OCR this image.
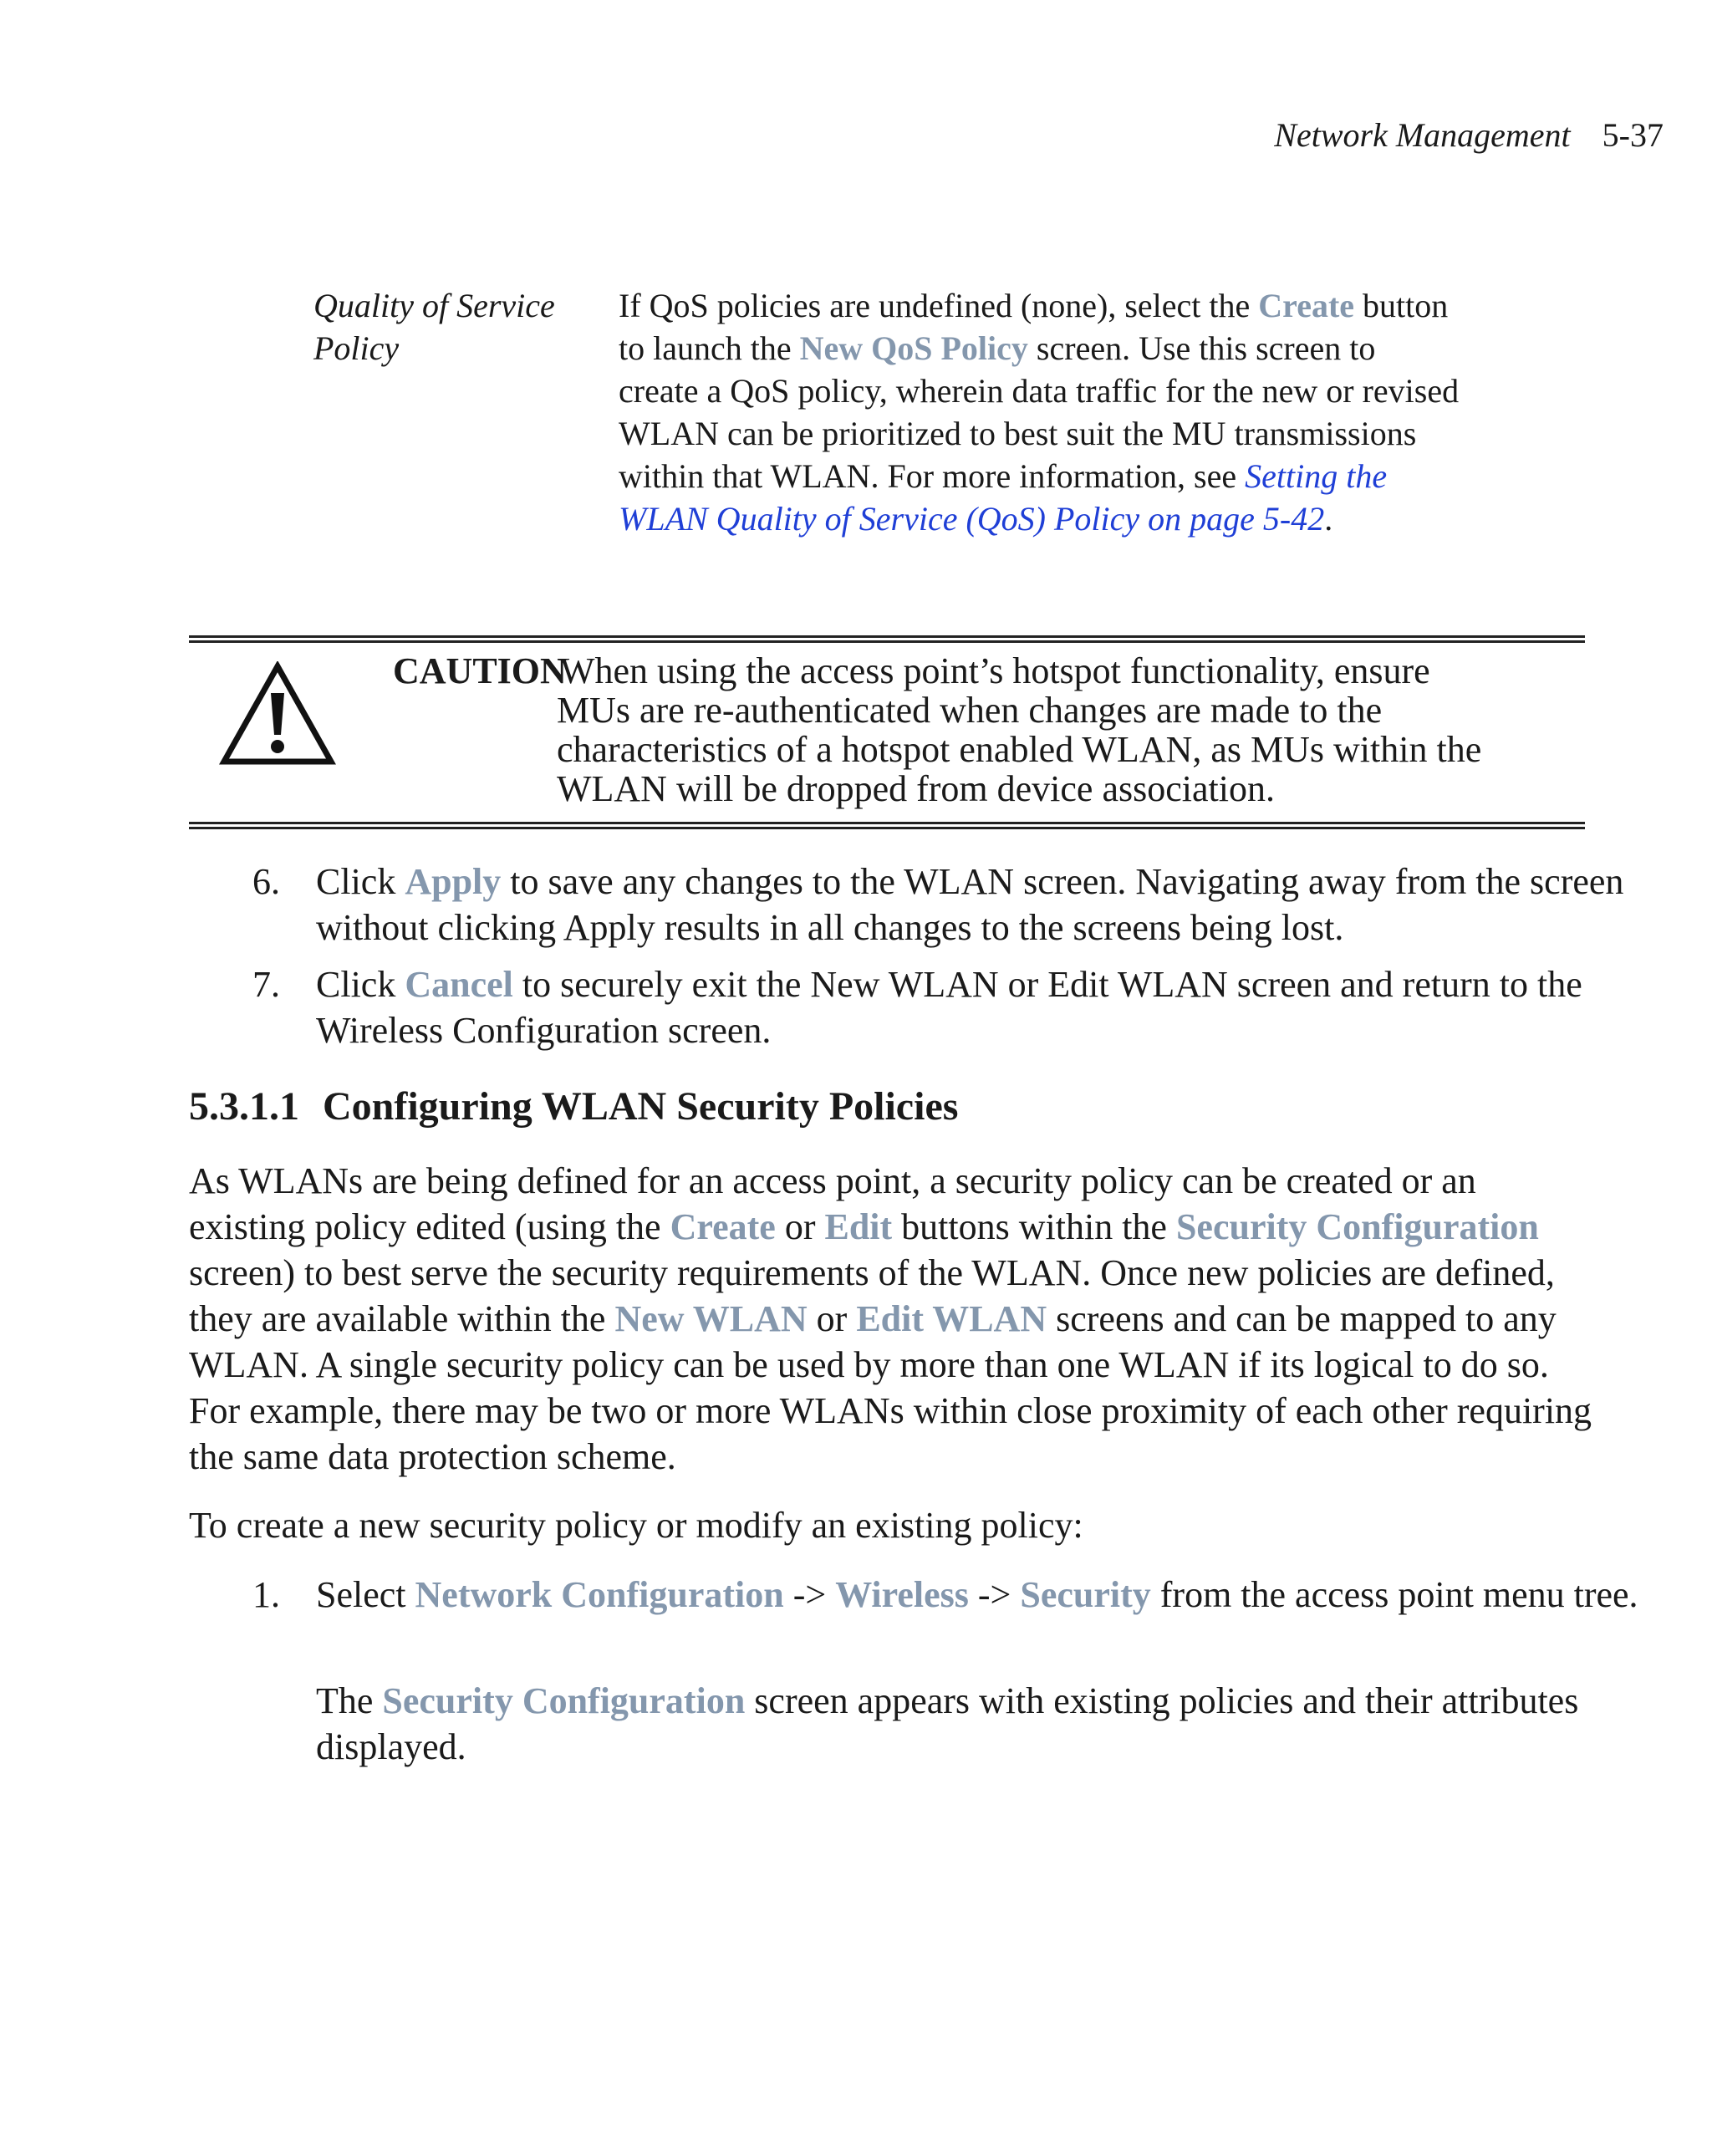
Network Management 5-37
Quality of Service
Policy
If QoS policies are undefined (none), select the Create button to launch the New QoS Policy screen. Use this screen to create a QoS policy, wherein data traffic for the new or revised WLAN can be prioritized to best suit the MU transmissions within that WLAN. For more information, see Setting the WLAN Quality of Service (QoS) Policy on page 5-42.
CAUTION
When using the access point’s hotspot functionality, ensure
MUs are re-authenticated when changes are made to the characteristics of a hotspot enabled WLAN, as MUs within the WLAN will be dropped from device association.
6. Click Apply to save any changes to the WLAN screen. Navigating away from the screen without clicking Apply results in all changes to the screens being lost.
7. Click Cancel to securely exit the New WLAN or Edit WLAN screen and return to the Wireless Configuration screen.
5.3.1.1 Configuring WLAN Security Policies
As WLANs are being defined for an access point, a security policy can be created or an existing policy edited (using the Create or Edit buttons within the Security Configuration screen) to best serve the security requirements of the WLAN. Once new policies are defined, they are available within the New WLAN or Edit WLAN screens and can be mapped to any WLAN. A single security policy can be used by more than one WLAN if its logical to do so. For example, there may be two or more WLANs within close proximity of each other requiring the same data protection scheme.
To create a new security policy or modify an existing policy:
1. Select Network Configuration -> Wireless -> Security from the access point menu tree.
The Security Configuration screen appears with existing policies and their attributes displayed.
